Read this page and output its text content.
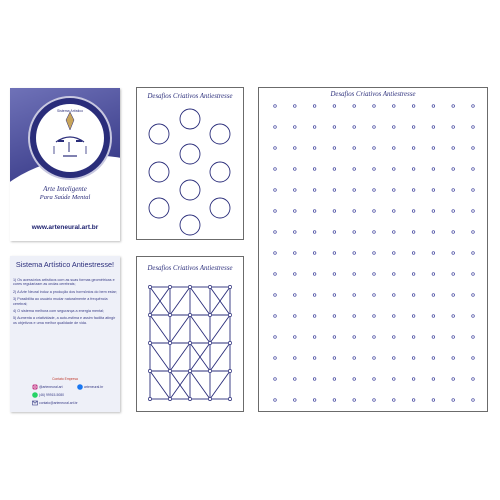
Sistema Artístico
Arte Neural
Arte Inteligente
Para Saúde Mental
www.arteneural.art.br
Sistema Artístico Antiestresse!
1) Os acessórios artísticos com as suas formas geométricas e cores regularizam as ondas cerebrais;
2) A Arte Neural induz a produção dos hormônios do bem estar;
3) Possibilita ao usuário mudar naturalmente a frequência cerebral;
4) O sistema melhora com segurança a energia mental;
5) Aumenta a criatividade, a auto-estima e assim facilita atingir os objetivos e uma melhor qualidade de vida.
Contato Empresa
@arteneural.art	arteneural.br
(46) 99915-5080
contato@arteneural.art.br
Desafios Criativos Antiestresse
Desafios Criativos Antiestresse
Desafios Criativos Antiestresse
